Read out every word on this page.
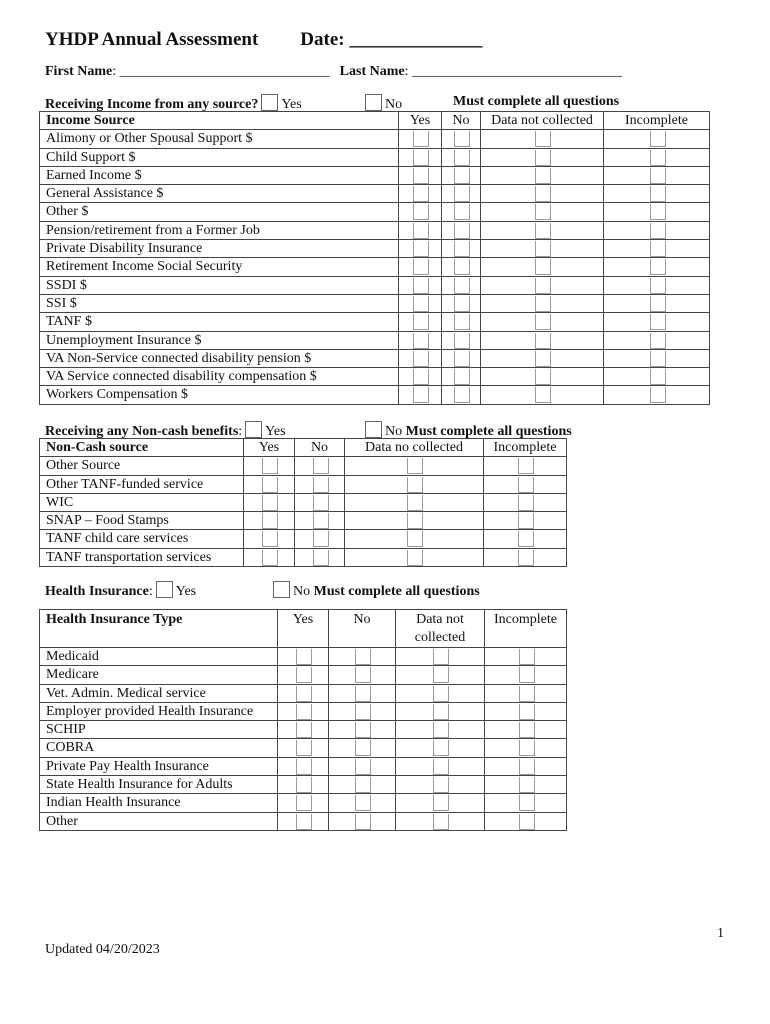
YHDP Annual Assessment Date: ______________
First Name: ______________________________ Last Name: ______________________________
Receiving Income from any source? Yes	No	Must complete all questions
Income Source	Yes	No	Data not collected	Incomplete
Alimony or Other Spousal Support $	

Child Support $	

Earned Income $	

General Assistance $	

Other $	

Pension/retirement from a Former Job	

Private Disability Insurance	

Retirement Income Social Security	

SSDI $	

SSI $	

TANF $	

Unemployment Insurance $	

VA Non-Service connected disability pension $	

VA Service connected disability compensation $	

Workers Compensation $	

Receiving any Non-cash benefits: Yes	No Must complete all questions
Non-Cash source	Yes	No	Data no collected	Incomplete
Other Source	

Other TANF-funded service	

WIC	

SNAP – Food Stamps	

TANF child care services	

TANF transportation services	

Health Insurance: Yes	No Must complete all questions
Health Insurance Type	Yes	No	Data not
collected	Incomplete
Medicaid	

Medicare	

Vet. Admin. Medical service	

Employer provided Health Insurance	

SCHIP	

COBRA	

Private Pay Health Insurance	

State Health Insurance for Adults	

Indian Health Insurance	

Other	

1
Updated 04/20/2023
